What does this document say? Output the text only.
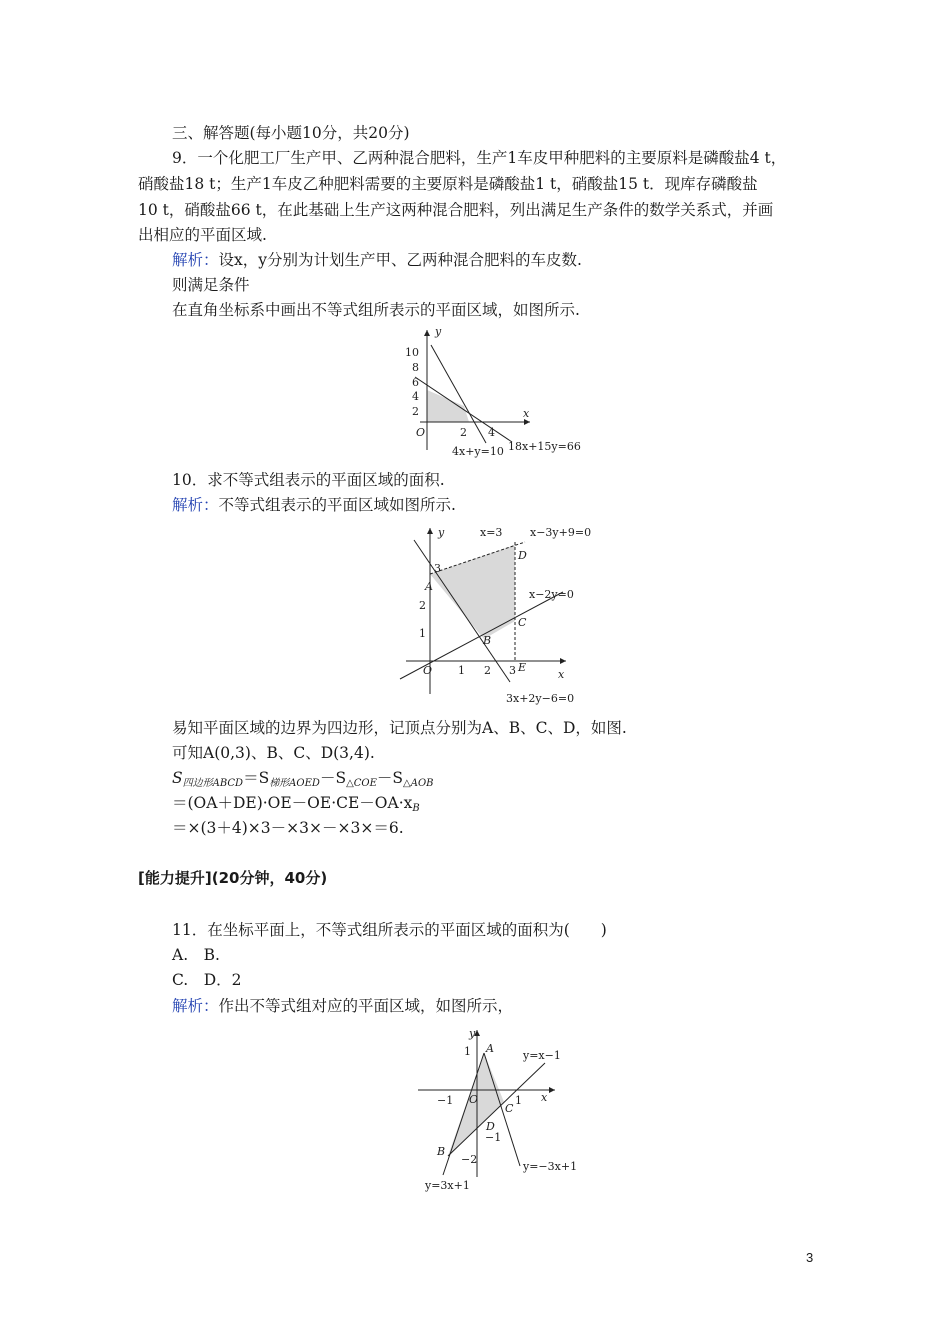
三、解答题(每小题10分，共20分)
9．一个化肥工厂生产甲、乙两种混合肥料，生产1车皮甲种肥料的主要原料是磷酸盐4 t，
硝酸盐18 t；生产1车皮乙种肥料需要的主要原料是磷酸盐1 t，硝酸盐15 t．现库存磷酸盐
10 t，硝酸盐66 t，在此基础上生产这两种混合肥料，列出满足生产条件的数学关系式，并画
出相应的平面区域.
解析：设x，y分别为计划生产甲、乙两种混合肥料的车皮数.
则满足条件
在直角坐标系中画出不等式组所表示的平面区域，如图所示.
y
x
O
10
8
6
4
2
2 4
4x+y=10 18x+15y=66
10．求不等式组表示的平面区域的面积.
解析：不等式组表示的平面区域如图所示.
y
x
O
x=3	x−3y+9=0
x−2y=0
3x+2y−6=0
A
B
C
D
E
3
2
1
1 2 3
易知平面区域的边界为四边形，记顶点分别为A、B、C、D，如图.
可知A(0,3)、B、C、D(3,4).
$S_{四边形ABCD}=S_{梯形AOED}-S_{\triangle COE}-S_{\triangle AOB}$
$=(OA+DE)\cdot OE-OE\cdot CE-OA\cdot x_B$
＝×(3＋4)×3－×3×－×3×＝6.
[能力提升](20分钟，40分)
11．在坐标平面上，不等式组所表示的平面区域的面积为(　　)
A.　B.
C.　D．2
解析：作出不等式组对应的平面区域，如图所示，
y
x
O
A
B
C
D
1
−1	1
−1
−2
y=x−1
y=−3x+1
y=3x+1
3
